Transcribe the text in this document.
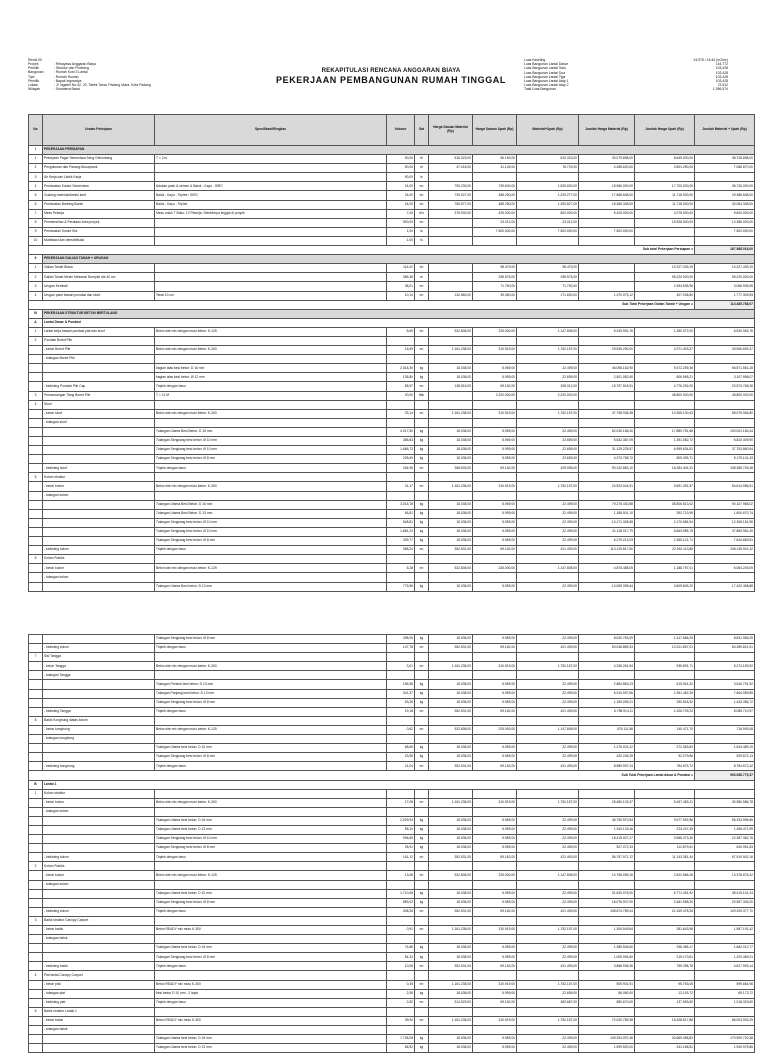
REKAPITULASI RENCANA ANGGARAN BIAYA
PEKERJAAN PEMBANGUNAN RUMAH TINGGAL
Revisi 00
Proyek	: Rekayasa Anggaran Biaya
Pemilik	: Struktur dan Finishing
Bangunan	: Rumah Kost 3 Lantai
Tipe	: Rumah Hunian
Pemilik	: Bapak Ingmadya
Lokasi	: Jl. Ngadiri No.42, 20, Tabek Tanai, Padang Utara, Kota Padang
Wilayah	: Sumatera Barat
Luas Kaveling	24,975 / 16.44 (m2/m²)
Luas Bangunan Lantai Dasar	144,772
Luas Bangunan Lantai Satu	103,428
Luas Bangunan Lantai Dua	103,428
Luas Bangunan Lantai Tiga	103,428
Luas Bangunan Lantai Atap 1	103,428
Luas Bangunan Lantai Atap 2	72,512
Total Luas Bangunan	1.056,574
No	Uraian Pekerjaan	Spesifikasi/Ringkas	Volume	Sat	Harga Satuan Material (Rp)	Harga Satuan Upah (Rp)	Material+Upah (Rp)	Jumlah Harga Material (Rp)	Jumlah Harga Upah (Rp)	Jumlah Material + Upah (Rp)
I	PEKERJAAN PERSIAPAN									
1	Pekerjaan Pagar Sementara Seng Gelombang	T = 2 m	90,00	m'	516.323,00	96.160,00	610.323,00	30.079.898,00	8.649.000,00	38.728.898,00
2	Pengukuran dan Pasang Bouwplank		90,00	m'	47.018,00	31.125,00	78.723,00	4.285.620,00	2.801.250,00	7.086.870,00
3	Air Kerja dan Listrik Kerja		90,00	ls						
4	Pembuatan Kantor Sementara	Adukan pasir & semen & Balok - Kayu - SIRC	24,00	m²	790.230,00	739.600,00	1.529.830,00	18.966.000,00	17.700.000,00	36.726.000,00
5	Gudang material/direksi keet	Balok - Kayu - Triplek / SIRC	24,00	m²	739.027,00	488.250,00	1.229.277,00	17.668.648,00	11.718.000,00	29.386.648,00
6	Pembuatan Barberg Borah	Balok - Kayu - Triplek	24,00	m²	765.577,00	488.250,00	1.253.827,00	18.366.348,00	11.718.000,00	30.084.348,00
7	Mess Pekerja	Mess untuk 7 Buku, 12 Pekerja, Selebihnya tinggal di proyek	7,00	bln	375.000,00	425.000,00	800.000,00	5.425.000,00	4.275.000,00	9.600.000,00
8	Pembersihan & Perataan Area proyek		900,00	m²		23.012,00	23.012,00		15.926.000,00	10.386.000,00
9	Pembuatan Sumur Bor		1,00	ls		7.500.000,00	7.500.000,00	7.500.000,00		7.500.000,00
10	Mobilisasi dan demobilisasi		1,00	ls						
Sub total Pekerjaan Persiapan =										167.568.016,00
II	PEKERJAAN GALIAN TANAH + URUGAN									
1	Galian Tanah Biasa		114,02	m³		98.479,00	98.479,00		10.227.439,19	10.227.439,19
2	Galian Tanah Mesin Mekanis/ Borepile dia 40 cm		386,38	m'		298.575,00	298.575,00		95.220.000,00	95.220.000,00
3	Urugan Kembali		38,01	m³		71.750,00	71.750,00		2.454.935,96	3.068.935,96
4	Urugan pasir bawah pondasi dan sloof	Tebal 10 cm	10,14	m³	132.680,00	39.050,00	171.830,00	1.370.075,12	407.036,80	1.777.309,53
Sub Total Pekerjaan Galian Tanah + Urugan =										114.485.788,07
III	PEKERJAAN STRUKTUR BETON BERTULANG									
A	Lantai Dasar & Pondasi									
1	Lantai kerja bawah pondasi plat dan sloof	Beton site mix dengan mutu beton: K-125	5,69	m³	922.808,00	225.000,00	1.147.808,00	5.249.991,76	1.280.072,00	6.530.063,76
2	Pondasi Bored Pile									
	- beton Bored Pile	Beton site mix dengan mutu beton: K-300	16,99	m³	1.161.238,00	310.919,00	1.752.157,00	29.535.290,00	4.371.403,37	33.906.693,37
	- tulangan Bored Pile									
		bagian atas besi beton: D 16 mm	2.518,30	kg	18.038,00	5.959,00	22.499,00	46.098.162,90	9.472.259,36	56.571.561,28
		bagian atas besi beton: Ø 12 mm	135,80	kg	18.038,00	5.959,00	22.659,00	2.501.052,90	806.965,21	3.107.998,07
	- bekisting Pondasi Pile Cap	Triplek dengan baso	85,97	m²	138.816,00	69.162,00	208.012,00	15.797.515,91	4.776.252,00	20.573.768,36
3	Pemancangan Tiang Bored Pile	T = 12 M	20,00	titik		2.220.000,00	2.220.000,00		48.800.000,00	48.800.000,00
4	Sloof									
	- beton sloof	Beton site mix dengan mutu beton: K-300	33,14	m³	1.161.238,00	310.919,00	1.752.157,00	47.798.936,38	10.305.130,43	58.075.066,80
	- tulangan sloof									
		Tulangan Utama Besi Beton: D 16 mm	4.017,50	kg	18.038,00	5.959,00	22.499,00	82.049.168,40	17.880.751,68	100.001.183,44
		Tulangan Sengkang besi beton: Ø 10 mm	385,83	kg	18.038,00	5.959,00	22.659,00	5.632.387,09	1.391.082,72	6.810.409,90
		Tulangan Sengkang besi beton: Ø 10 mm	1.666,73	kg	18.038,00	5.959,00	22.659,00	31.129.225,97	6.959.634,81	37.753.860,54
		Tulangan Sengkang besi beton: Ø 8 mm	228,69	kg	18.038,00	5.959,00	22.659,00	4.373.758,72	805.305,71	5.179.101,43
	- bekisting sloof	Triplek dengan baso	264,96	m²	268.633,00	69.162,00	429.995,00	90.132.883,10	18.284.404,31	108.385.749,48
5	Kolom struktur									
	- beton kolom	Beton site mix dengan mutu beton: K-300	31,17	m³	1.161.238,00	310.919,00	1.752.157,00	24.923.044,91	9.691.391,57	54.614.986,51
	- tulangan kolom									
		Tulangan Utama Besi Beton: D 16 mm	3.016,78	kg	18.038,00	5.959,00	22.499,00	79.275.430,88	35.806.513,02	90.107.968,02
		Tulangan Utama Besi Beton: D 13 mm	65,81	kg	18.038,00	5.959,00	22.499,00	1.188.901,10	392.713,99	1.600.670,74
		Tulangan Sengkang besi beton: Ø 10 mm	548,81	kg	18.038,00	5.959,00	22.499,00	10.171.328,58	2.170.684,54	12.308.181,96
		Tulangan Sengkang besi beton: Ø 10 mm	1.681,24	kg	18.038,00	5.959,00	22.499,00	31.118.017,79	6.663.955,75	37.883.981,49
		Tulangan Sengkang besi beton: Ø 8 mm	339,77	kg	18.038,00	5.959,00	22.499,00	6.279.213,03	1.365.121,71	7.644.669,51
	- bekisting kolom	Triplek dengan baso	358,24	m²	352.531,00	69.162,00	421.493,00	113.125.817,80	22.910.113,88	136.135.901,32
6	Kolom Praktis									
	- beton kolom	Beton site mix dengan mutu beton: K-125	5,28	m³	922.808,00	225.000,00	1.147.808,00	4.875.488,05	1.188.757,01	6.064.245,09
	- tulangan kolom									
		Tulangan Utama Besi beton: D 10 mm	775,56	kg	18.038,00	5.959,00	22.499,00	14.069.395,64	3.609.605,20	17.432.468,88
		Tulangan Sengkang besi beton: Ø 8 mm	398,09	kg	18.038,00	5.959,00	22.499,00	8.020.783,09	1.417.686,25	8.831.986,29
	- bekisting kolom	Triplek dengan baso	147,78	m²	352.531,00	69.162,00	421.493,00	53.048.889,33	10.221.857,01	63.289.821,51
7	Sisi Tangga									
	- beton Tangga	Beton site mix dengan mutu beton: K-300	3,01	m³	1.161.238,00	310.919,00	1.752.157,00	4.338.261,54	935.891,71	5.274.159,92
	- tulangan Tangga									
		Tulangan Pendek besi beton: D 13 mm	156,58	kg	18.038,00	5.959,00	22.499,00	2.884.863,23	619.924,32	3.516.791,92
		Tulangan Panjang besi beton: D 13 mm	341,37	kg	18.038,00	5.959,00	22.499,00	6.310.597,66	1.351.482,25	7.664.059,85
		Tulangan Sengkang besi beton: Ø 8 mm	63,28	kg	18.038,00	5.959,00	22.499,00	1.189.096,21	250.518,32	1.443.356,72
	- bekisting Tangga	Triplek dengan baso	19,18	m²	352.531,00	69.162,00	421.493,00	6.798.914,11	1.326.709,23	8.085.710,97
8	Balok Konghung diatas kolom									
	- beton konghung	Beton site mix dengan mutu beton: K-125	0,62	m³	922.808,00	225.000,00	1.147.808,00	576.111,56	140.471,70	716.993,08
	- tulangan konghung									
		Tulangan Utama besi beton: D 10 mm	68,65	kg	18.038,00	5.959,00	22.499,00	1.276.024,22	272.363,83	1.543.489,19
		Tulangan Sengkang besi beton: Ø 8 mm	23,55	kg	18.038,00	5.959,00	22.499,00	432.246,25	92.279,86	529.672,13
	- bekisting konghung	Triplek dengan baso	21,04	m²	352.531,00	69.162,00	421.493,00	8.989.997,24	784.675,72	8.784.672,42
Sub Total Pekerjaan Lantai dasar & Pondasi =										993.088.779,37
B	Lantai 1									
1	Kolom struktur									
	- beton kolom	Beton site mix dengan mutu beton: K-300	17,08	m³	1.161.238,00	310.919,00	1.752.157,00	25.480.103,37	5.497.483,21	30.980.586,78
	- tulangan kolom									
		Tulangan Utama besi beton: D 16 mm	2.029,93	kg	18.038,00	5.959,00	22.499,00	46.750.970,54	9.577.992,86	56.333.996,86
		Tulangan Utama besi beton: D 13 mm	58,10	kg	18.038,00	5.959,00	22.499,00	1.343.133,46	223.247,39	1.266.471,99
		Tulangan Sengkang besi beton: Ø 10 mm	996,65	kg	18.038,00	5.959,00	22.499,00	18.415.007,27	3.965.373,45	22.387.382,76
		Tulangan Sengkang besi beton: Ø 8 mm	28,91	kg	18.038,00	5.959,00	22.499,00	527.072,33	112.879,61	640.951,83
	- bekisting kolom	Triplek dengan baso	161,12	m²	352.531,00	69.162,00	421.493,00	56.797.971,72	11.143.381,44	67.910.902,16
2	Kolom Praktis									
	- beton kolom	Beton site mix dengan mutu beton: K-125	13,08	m³	922.808,00	225.000,00	1.147.808,00	10.756.095,16	2.622.566,26	13.378.676,42
	- tulangan kolom									
		Tulangan Utama besi beton: D 10 mm	1.710,08	kg	18.038,00	5.959,00	22.499,00	31.633.076,00	6.771.491,92	38.419.101,24
		Tulangan Sengkang besi beton: Ø 8 mm	889,02	kg	18.038,00	5.959,00	22.499,00	16.076.907,00	3.481.958,20	20.557.305,20
	- bekisting kolom	Triplek dengan baso	308,26	m²	352.531,00	69.162,00	421.493,00	108.674.789,44	21.349.478,26	129.329.377,70
3	Balok struktur Canopy Carport									
	- beton balok	Beton READY mix mutu K-300	0,91	m³	1.161.238,00	310.919,00	1.752.157,00	1.305.545,84	281.643,98	1.587.191,42
	- tulangan balok									
		Tulangan Utama besi beton: D 16 mm	74,88	kg	18.038,00	5.959,00	22.499,00	1.385.546,60	296.465,17	1.682.012,77
		Tulangan Sengkang besi beton: Ø 8 mm	54,33	kg	18.038,00	5.959,00	22.499,00	1.005.094,60	215.170,61	1.220.469,21
	- bekisting balok	Triplek dengan baso	10,08	m²	352.531,00	69.162,00	421.493,00	3.868.936,36	759.398,78	4.627.993,14
4	Plat lantai Canopy Carport									
	- beton plat	Beton READY mix mutu K-300	0,35	m³	1.161.238,00	310.919,00	1.752.157,00	509.901,91	95.763,05	599.664,96
	- tulangan plat	besi beton D 10 mm - 2 lapis	2,55	kg	18.038,00	5.959,00	22.659,00	56.080,00	12.193,72	69.173,72
	- bekisting plat	Triplek dengan baso	2,82	m²	314.529,00	69.162,00	383.687,00	880.670,00	137.953,60	1.018.323,60
5	Balok struktur Lantai 1									
	- beton balok	Beton READY mix mutu K-300	39,94	m³	1.161.238,00	310.919,00	1.752.157,00	72.020.789,38	15.408.617,88	86.003.903,29
	- tulangan balok									
		Tulangan Utama besi beton: D 16 mm	7.735,08	kg	18.038,00	5.959,00	22.499,00	149.294.097,46	30.669.458,83	179.909.720,38
		Tulangan Utama besi beton: D 13 mm	86,52	kg	18.038,00	5.959,00	22.499,00	1.599.520,00	341.168,81	1.940.975,86
